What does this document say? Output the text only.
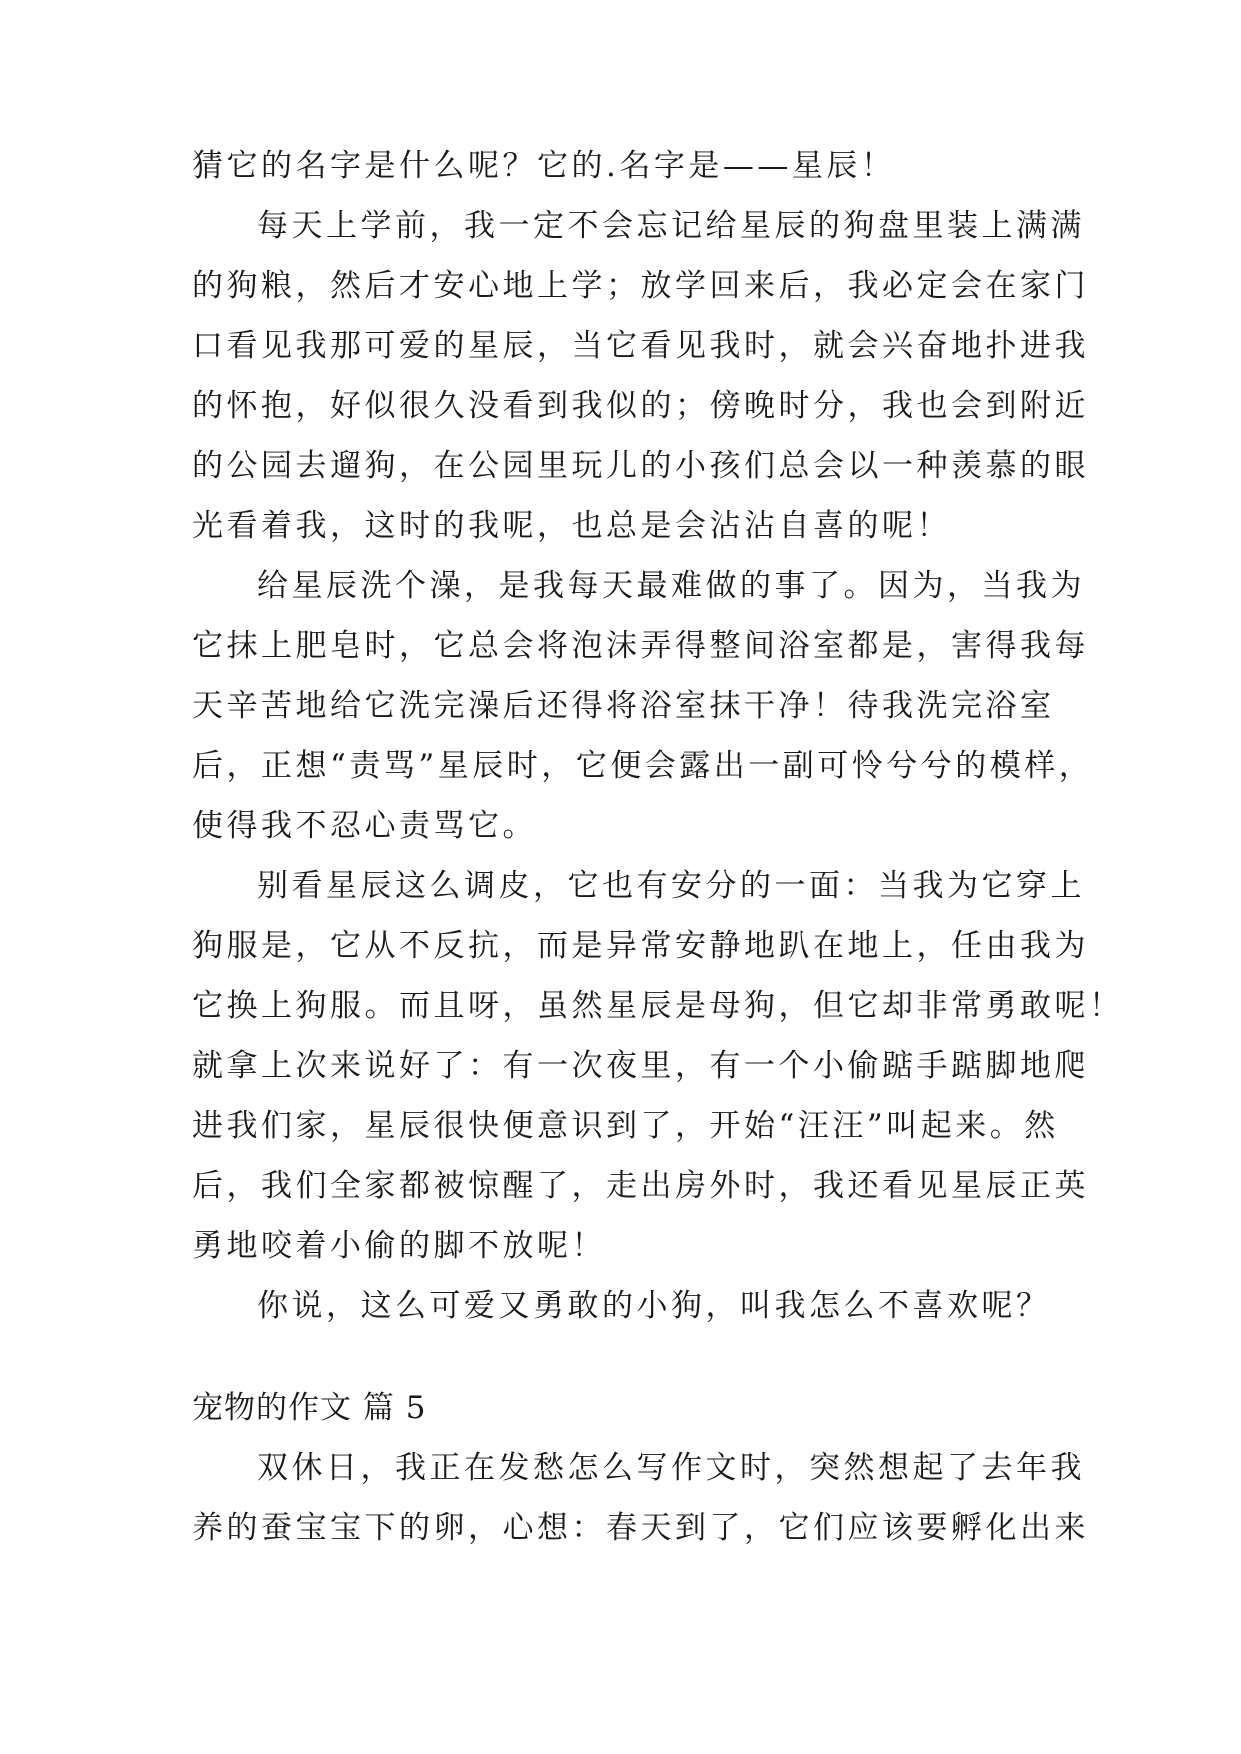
猜它的名字是什么呢？它的.名字是——星辰！
每天上学前，我一定不会忘记给星辰的狗盘里装上满满
的狗粮，然后才安心地上学；放学回来后，我必定会在家门
口看见我那可爱的星辰，当它看见我时，就会兴奋地扑进我
的怀抱，好似很久没看到我似的；傍晚时分，我也会到附近
的公园去遛狗，在公园里玩儿的小孩们总会以一种羡慕的眼
光看着我，这时的我呢，也总是会沾沾自喜的呢！
给星辰洗个澡，是我每天最难做的事了。因为，当我为
它抹上肥皂时，它总会将泡沫弄得整间浴室都是，害得我每
天辛苦地给它洗完澡后还得将浴室抹干净！待我洗完浴室
后，正想“责骂”星辰时，它便会露出一副可怜兮兮的模样，
使得我不忍心责骂它。
别看星辰这么调皮，它也有安分的一面：当我为它穿上
狗服是，它从不反抗，而是异常安静地趴在地上，任由我为
它换上狗服。而且呀，虽然星辰是母狗，但它却非常勇敢呢！
就拿上次来说好了：有一次夜里，有一个小偷踮手踮脚地爬
进我们家，星辰很快便意识到了，开始“汪汪”叫起来。然
后，我们全家都被惊醒了，走出房外时，我还看见星辰正英
勇地咬着小偷的脚不放呢！
你说，这么可爱又勇敢的小狗，叫我怎么不喜欢呢？
宠物的作文 篇 5
双休日，我正在发愁怎么写作文时，突然想起了去年我
养的蚕宝宝下的卵，心想：春天到了，它们应该要孵化出来
